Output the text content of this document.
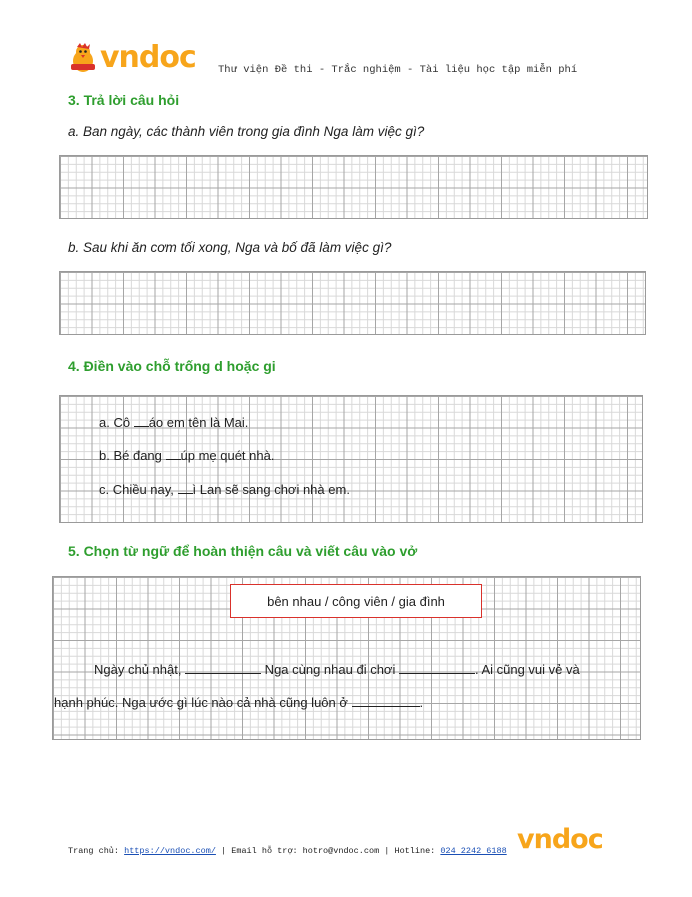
vndoc Thư viện Đề thi - Trắc nghiệm - Tài liệu học tập miễn phí
3. Trả lời câu hỏi
a. Ban ngày, các thành viên trong gia đình Nga làm việc gì?
b. Sau khi ăn cơm tối xong, Nga và bố đã làm việc gì?
4. Điền vào chỗ trống d hoặc gi
a. Cô áo em tên là Mai.
b. Bé đang úp mẹ quét nhà.
c. Chiều nay, ì Lan sẽ sang chơi nhà em.
5. Chọn từ ngữ để hoàn thiện câu và viết câu vào vở
bên nhau / công viên / gia đình
Ngày chủ nhật,	Nga cùng nhau đi chơi	. Ai cũng vui vẻ và
hạnh phúc. Nga ước gì lúc nào cả nhà cũng luôn ở	.
Trang chủ: https://vndoc.com/ | Email hỗ trợ: hotro@vndoc.com | Hotline: 024 2242 6188 vndoc
